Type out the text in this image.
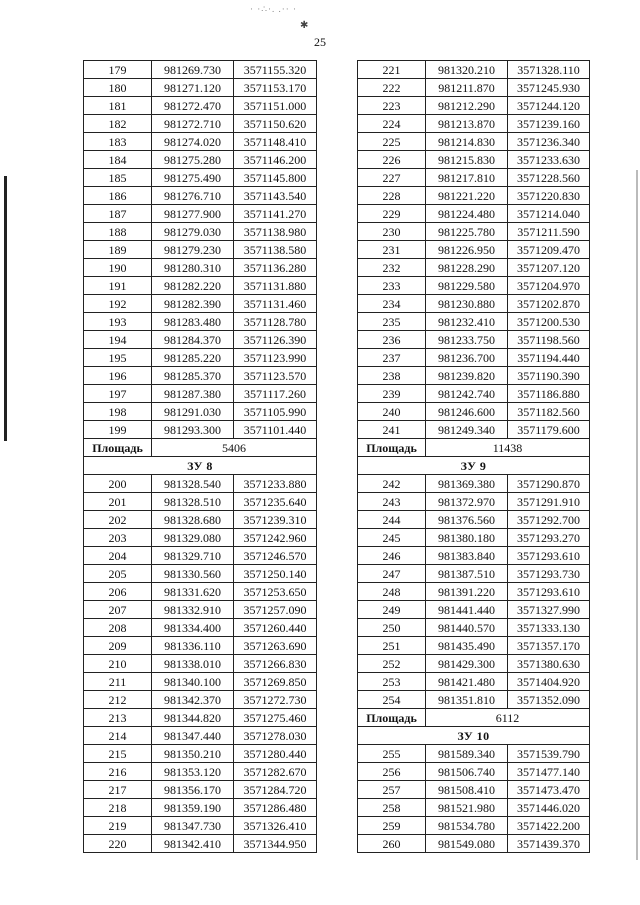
· ·∴·. .·· ·
✱
25
179	981269.730	3571155.320
180	981271.120	3571153.170
181	981272.470	3571151.000
182	981272.710	3571150.620
183	981274.020	3571148.410
184	981275.280	3571146.200
185	981275.490	3571145.800
186	981276.710	3571143.540
187	981277.900	3571141.270
188	981279.030	3571138.980
189	981279.230	3571138.580
190	981280.310	3571136.280
191	981282.220	3571131.880
192	981282.390	3571131.460
193	981283.480	3571128.780
194	981284.370	3571126.390
195	981285.220	3571123.990
196	981285.370	3571123.570
197	981287.380	3571117.260
198	981291.030	3571105.990
199	981293.300	3571101.440
Площадь	5406	
ЗУ 8		
200	981328.540	3571233.880
201	981328.510	3571235.640
202	981328.680	3571239.310
203	981329.080	3571242.960
204	981329.710	3571246.570
205	981330.560	3571250.140
206	981331.620	3571253.650
207	981332.910	3571257.090
208	981334.400	3571260.440
209	981336.110	3571263.690
210	981338.010	3571266.830
211	981340.100	3571269.850
212	981342.370	3571272.730
213	981344.820	3571275.460
214	981347.440	3571278.030
215	981350.210	3571280.440
216	981353.120	3571282.670
217	981356.170	3571284.720
218	981359.190	3571286.480
219	981347.730	3571326.410
220	981342.410	3571344.950
221	981320.210	3571328.110
222	981211.870	3571245.930
223	981212.290	3571244.120
224	981213.870	3571239.160
225	981214.830	3571236.340
226	981215.830	3571233.630
227	981217.810	3571228.560
228	981221.220	3571220.830
229	981224.480	3571214.040
230	981225.780	3571211.590
231	981226.950	3571209.470
232	981228.290	3571207.120
233	981229.580	3571204.970
234	981230.880	3571202.870
235	981232.410	3571200.530
236	981233.750	3571198.560
237	981236.700	3571194.440
238	981239.820	3571190.390
239	981242.740	3571186.880
240	981246.600	3571182.560
241	981249.340	3571179.600
Площадь	11438	
ЗУ 9		
242	981369.380	3571290.870
243	981372.970	3571291.910
244	981376.560	3571292.700
245	981380.180	3571293.270
246	981383.840	3571293.610
247	981387.510	3571293.730
248	981391.220	3571293.610
249	981441.440	3571327.990
250	981440.570	3571333.130
251	981435.490	3571357.170
252	981429.300	3571380.630
253	981421.480	3571404.920
254	981351.810	3571352.090
Площадь	6112	
ЗУ 10		
255	981589.340	3571539.790
256	981506.740	3571477.140
257	981508.410	3571473.470
258	981521.980	3571446.020
259	981534.780	3571422.200
260	981549.080	3571439.370
